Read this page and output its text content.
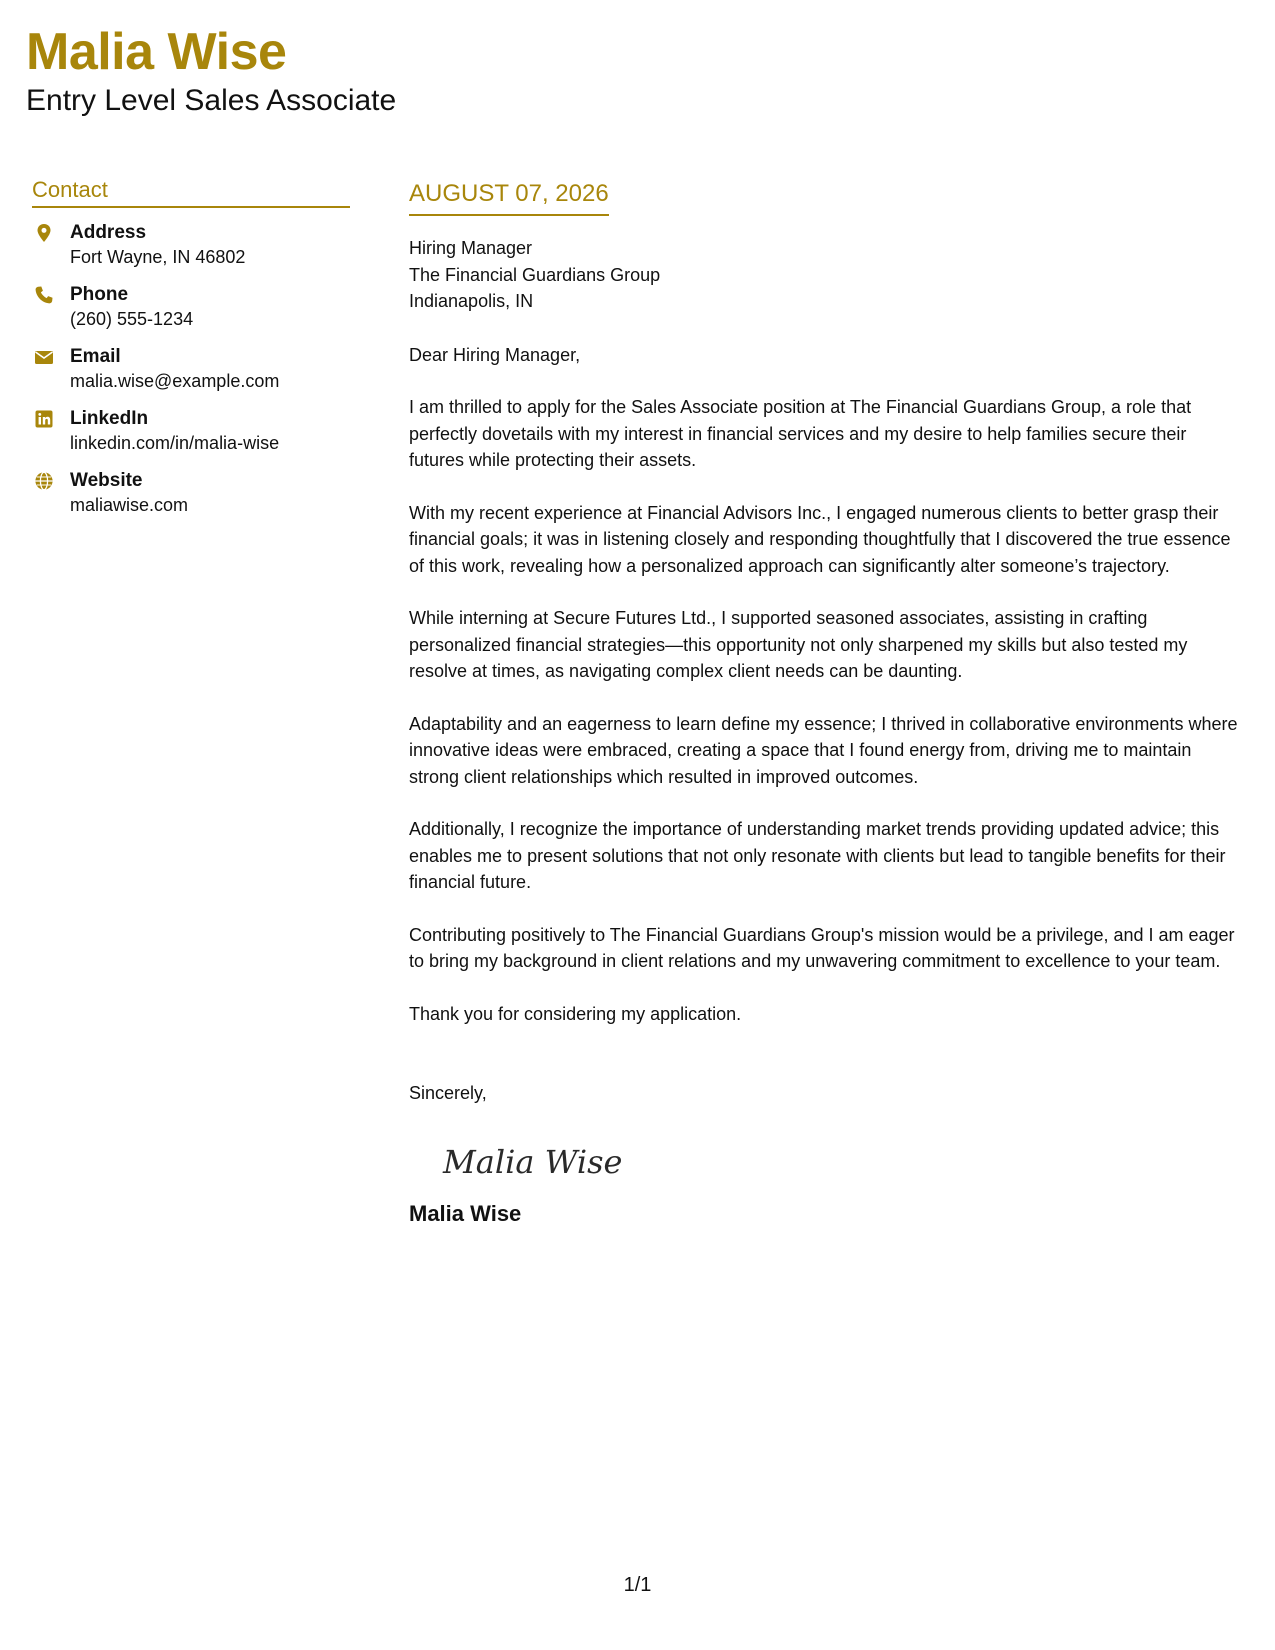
Malia Wise
Entry Level Sales Associate
Contact
Address
Fort Wayne, IN 46802
Phone
(260) 555-1234
Email
malia.wise@example.com
LinkedIn
linkedin.com/in/malia-wise
Website
maliawise.com
AUGUST 07, 2026
Hiring Manager
The Financial Guardians Group
Indianapolis, IN
Dear Hiring Manager,
I am thrilled to apply for the Sales Associate position at The Financial Guardians Group, a role that perfectly dovetails with my interest in financial services and my desire to help families secure their futures while protecting their assets.
With my recent experience at Financial Advisors Inc., I engaged numerous clients to better grasp their financial goals; it was in listening closely and responding thoughtfully that I discovered the true essence of this work, revealing how a personalized approach can significantly alter someone’s trajectory.
While interning at Secure Futures Ltd., I supported seasoned associates, assisting in crafting personalized financial strategies—this opportunity not only sharpened my skills but also tested my resolve at times, as navigating complex client needs can be daunting.
Adaptability and an eagerness to learn define my essence; I thrived in collaborative environments where innovative ideas were embraced, creating a space that I found energy from, driving me to maintain strong client relationships which resulted in improved outcomes.
Additionally, I recognize the importance of understanding market trends providing updated advice; this enables me to present solutions that not only resonate with clients but lead to tangible benefits for their financial future.
Contributing positively to The Financial Guardians Group's mission would be a privilege, and I am eager to bring my background in client relations and my unwavering commitment to excellence to your team.
Thank you for considering my application.
Sincerely,
Malia Wise
Malia Wise
1/1
